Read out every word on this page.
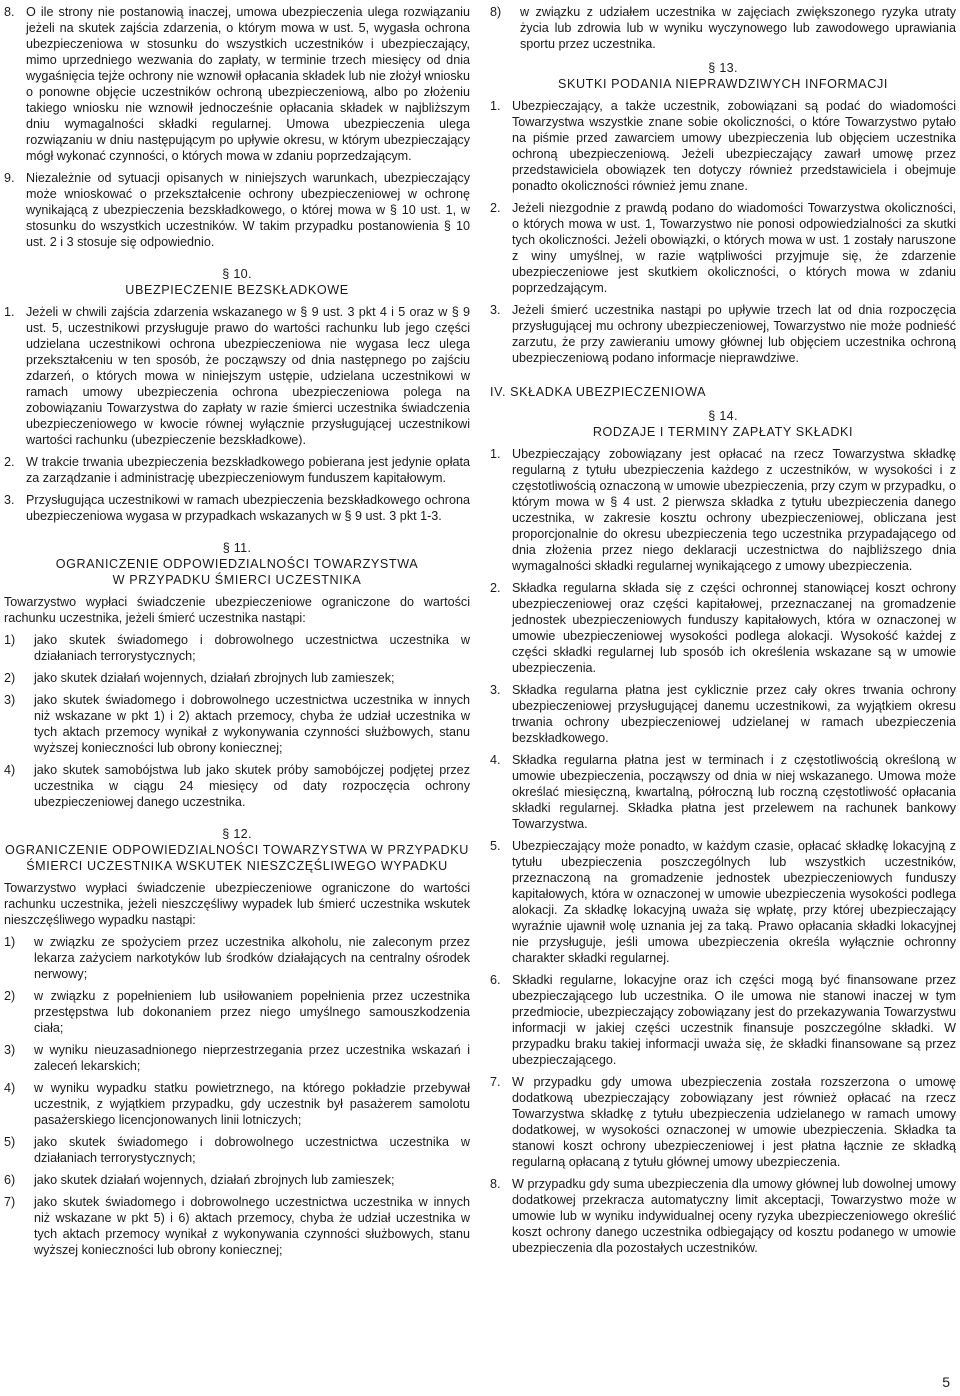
8. O ile strony nie postanowią inaczej, umowa ubezpieczenia ulega rozwiązaniu jeżeli na skutek zajścia zdarzenia, o którym mowa w ust. 5, wygasła ochrona ubezpieczeniowa w stosunku do wszystkich uczestników i ubezpieczający, mimo uprzedniego wezwania do zapłaty, w terminie trzech miesięcy od dnia wygaśnięcia tejże ochrony nie wznowił opłacania składek lub nie złożył wniosku o ponowne objęcie uczestników ochroną ubezpieczeniową, albo po złożeniu takiego wniosku nie wznowił jednocześnie opłacania składek w najbliższym dniu wymagalności składki regularnej. Umowa ubezpieczenia ulega rozwiązaniu w dniu następującym po upływie okresu, w którym ubezpieczający mógł wykonać czynności, o których mowa w zdaniu poprzedzającym.
9. Niezależnie od sytuacji opisanych w niniejszych warunkach, ubezpieczający może wnioskować o przekształcenie ochrony ubezpieczeniowej w ochronę wynikającą z ubezpieczenia bezskładkowego, o której mowa w § 10 ust. 1, w stosunku do wszystkich uczestników. W takim przypadku postanowienia § 10 ust. 2 i 3 stosuje się odpowiednio.
§ 10.
UBEZPIECZENIE BEZSKŁADKOWE
1. Jeżeli w chwili zajścia zdarzenia wskazanego w § 9 ust. 3 pkt 4 i 5 oraz w § 9 ust. 5, uczestnikowi przysługuje prawo do wartości rachunku lub jego części udzielana uczestnikowi ochrona ubezpieczeniowa nie wygasa lecz ulega przekształceniu w ten sposób, że począwszy od dnia następnego po zajściu zdarzeń, o których mowa w niniejszym ustępie, udzielana uczestnikowi w ramach umowy ubezpieczenia ochrona ubezpieczeniowa polega na zobowiązaniu Towarzystwa do zapłaty w razie śmierci uczestnika świadczenia ubezpieczeniowego w kwocie równej wyłącznie przysługującej uczestnikowi wartości rachunku (ubezpieczenie bezskładkowe).
2. W trakcie trwania ubezpieczenia bezskładkowego pobierana jest jedynie opłata za zarządzanie i administrację ubezpieczeniowym funduszem kapitałowym.
3. Przysługująca uczestnikowi w ramach ubezpieczenia bezskładkowego ochrona ubezpieczeniowa wygasa w przypadkach wskazanych w § 9 ust. 3 pkt 1-3.
§ 11.
OGRANICZENIE ODPOWIEDZIALNOŚCI TOWARZYSTWA
W PRZYPADKU ŚMIERCI UCZESTNIKA

Towarzystwo wypłaci świadczenie ubezpieczeniowe ograniczone do wartości rachunku uczestnika, jeżeli śmierć uczestnika nastąpi:

1)	jako skutek świadomego i dobrowolnego uczestnictwa uczestnika w działaniach terrorystycznych;
2)	jako skutek działań wojennych, działań zbrojnych lub zamieszek;
3)	jako skutek świadomego i dobrowolnego uczestnictwa uczestnika w innych niż wskazane w pkt 1) i 2) aktach przemocy, chyba że udział uczestnika w tych aktach przemocy wynikał z wykonywania czynności służbowych, stanu wyższej konieczności lub obrony koniecznej;
4)	jako skutek samobójstwa lub jako skutek próby samobójczej podjętej przez uczestnika w ciągu 24 miesięcy od daty rozpoczęcia ochrony ubezpieczeniowej danego uczestnika.
§ 12.
OGRANICZENIE ODPOWIEDZIALNOŚCI TOWARZYSTWA W PRZYPADKU
ŚMIERCI UCZESTNIKA WSKUTEK NIESZCZĘŚLIWEGO WYPADKU

Towarzystwo wypłaci świadczenie ubezpieczeniowe ograniczone do wartości rachunku uczestnika, jeżeli nieszczęśliwy wypadek lub śmierć uczestnika wskutek nieszczęśliwego wypadku nastąpi:

1)	w związku ze spożyciem przez uczestnika alkoholu, nie zaleconym przez lekarza zażyciem narkotyków lub środków działających na centralny ośrodek nerwowy;
2)	w związku z popełnieniem lub usiłowaniem popełnienia przez uczestnika przestępstwa lub dokonaniem przez niego umyślnego samouszkodzenia ciała;
3)	w wyniku nieuzasadnionego nieprzestrzegania przez uczestnika wskazań i zaleceń lekarskich;
4)	w wyniku wypadku statku powietrznego, na którego pokładzie przebywał uczestnik, z wyjątkiem przypadku, gdy uczestnik był pasażerem samolotu pasażerskiego licencjonowanych linii lotniczych;
5)	jako skutek świadomego i dobrowolnego uczestnictwa uczestnika w działaniach terrorystycznych;
6)	jako skutek działań wojennych, działań zbrojnych lub zamieszek;
7)	jako skutek świadomego i dobrowolnego uczestnictwa uczestnika w innych niż wskazane w pkt 5) i 6) aktach przemocy, chyba że udział uczestnika w tych aktach przemocy wynikał z wykonywania czynności służbowych, stanu wyższej konieczności lub obrony koniecznej;
8)	w związku z udziałem uczestnika w zajęciach zwiększonego ryzyka utraty życia lub zdrowia lub w wyniku wyczynowego lub zawodowego uprawiania sportu przez uczestnika.
§ 13.
SKUTKI PODANIA NIEPRAWDZIWYCH INFORMACJI
1. Ubezpieczający, a także uczestnik, zobowiązani są podać do wiadomości Towarzystwa wszystkie znane sobie okoliczności, o które Towarzystwo pytało na piśmie przed zawarciem umowy ubezpieczenia lub objęciem uczestnika ochroną ubezpieczeniową. Jeżeli ubezpieczający zawarł umowę przez przedstawiciela obowiązek ten dotyczy również przedstawiciela i obejmuje ponadto okoliczności również jemu znane.
2. Jeżeli niezgodnie z prawdą podano do wiadomości Towarzystwa okoliczności, o których mowa w ust. 1, Towarzystwo nie ponosi odpowiedzialności za skutki tych okoliczności. Jeżeli obowiązki, o których mowa w ust. 1 zostały naruszone z winy umyślnej, w razie wątpliwości przyjmuje się, że zdarzenie ubezpieczeniowe jest skutkiem okoliczności, o których mowa w zdaniu poprzedzającym.
3. Jeżeli śmierć uczestnika nastąpi po upływie trzech lat od dnia rozpoczęcia przysługującej mu ochrony ubezpieczeniowej, Towarzystwo nie może podnieść zarzutu, że przy zawieraniu umowy głównej lub objęciem uczestnika ochroną ubezpieczeniową podano informacje nieprawdziwe.
IV. SKŁADKA UBEZPIECZENIOWA
§ 14.
RODZAJE I TERMINY ZAPŁATY SKŁADKI
1. Ubezpieczający zobowiązany jest opłacać na rzecz Towarzystwa składkę regularną z tytułu ubezpieczenia każdego z uczestników, w wysokości i z częstotliwością oznaczoną w umowie ubezpieczenia, przy czym w przypadku, o którym mowa w § 4 ust. 2 pierwsza składka z tytułu ubezpieczenia danego uczestnika, w zakresie kosztu ochrony ubezpieczeniowej, obliczana jest proporcjonalnie do okresu ubezpieczenia tego uczestnika przypadającego od dnia złożenia przez niego deklaracji uczestnictwa do najbliższego dnia wymagalności składki regularnej wynikającego z umowy ubezpieczenia.
2. Składka regularna składa się z części ochronnej stanowiącej koszt ochrony ubezpieczeniowej oraz części kapitałowej, przeznaczanej na gromadzenie jednostek ubezpieczeniowych funduszy kapitałowych, która w oznaczonej w umowie ubezpieczeniowej wysokości podlega alokacji. Wysokość każdej z części składki regularnej lub sposób ich określenia wskazane są w umowie ubezpieczenia.
3. Składka regularna płatna jest cyklicznie przez cały okres trwania ochrony ubezpieczeniowej przysługującej danemu uczestnikowi, za wyjątkiem okresu trwania ochrony ubezpieczeniowej udzielanej w ramach ubezpieczenia bezskładkowego.
4. Składka regularna płatna jest w terminach i z częstotliwością określoną w umowie ubezpieczenia, począwszy od dnia w niej wskazanego. Umowa może określać miesięczną, kwartalną, półroczną lub roczną częstotliwość opłacania składki regularnej. Składka płatna jest przelewem na rachunek bankowy Towarzystwa.
5. Ubezpieczający może ponadto, w każdym czasie, opłacać składkę lokacyjną z tytułu ubezpieczenia poszczególnych lub wszystkich uczestników, przeznaczoną na gromadzenie jednostek ubezpieczeniowych funduszy kapitałowych, która w oznaczonej w umowie ubezpieczenia wysokości podlega alokacji. Za składkę lokacyjną uważa się wpłatę, przy której ubezpieczający wyraźnie ujawnił wolę uznania jej za taką. Prawo opłacania składki lokacyjnej nie przysługuje, jeśli umowa ubezpieczenia określa wyłącznie ochronny charakter składki regularnej.
6. Składki regularne, lokacyjne oraz ich części mogą być finansowane przez ubezpieczającego lub uczestnika. O ile umowa nie stanowi inaczej w tym przedmiocie, ubezpieczający zobowiązany jest do przekazywania Towarzystwu informacji w jakiej części uczestnik finansuje poszczególne składki. W przypadku braku takiej informacji uważa się, że składki finansowane są przez ubezpieczającego.
7. W przypadku gdy umowa ubezpieczenia została rozszerzona o umowę dodatkową ubezpieczający zobowiązany jest również opłacać na rzecz Towarzystwa składkę z tytułu ubezpieczenia udzielanego w ramach umowy dodatkowej, w wysokości oznaczonej w umowie ubezpieczenia. Składka ta stanowi koszt ochrony ubezpieczeniowej i jest płatna łącznie ze składką regularną opłacaną z tytułu głównej umowy ubezpieczenia.
8. W przypadku gdy suma ubezpieczenia dla umowy głównej lub dowolnej umowy dodatkowej przekracza automatyczny limit akceptacji, Towarzystwo może w umowie lub w wyniku indywidualnej oceny ryzyka ubezpieczeniowego określić koszt ochrony danego uczestnika odbiegający od kosztu podanego w umowie ubezpieczenia dla pozostałych uczestników.
5
